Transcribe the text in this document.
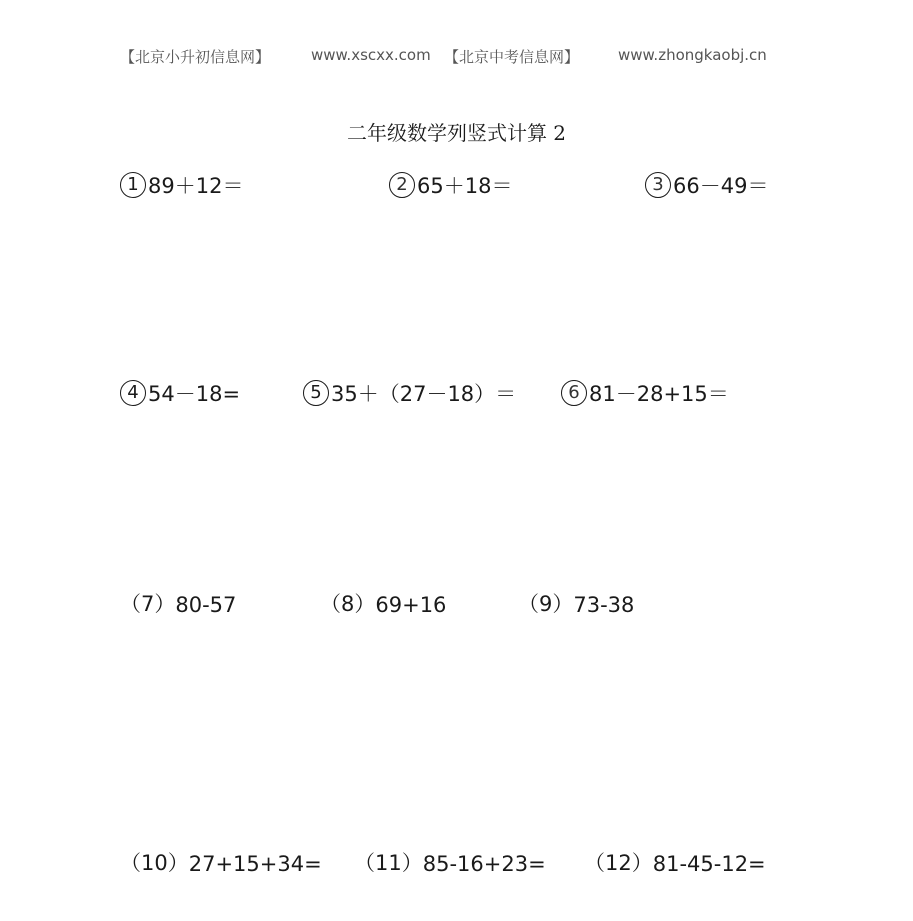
【北京小升初信息网】	www.xscxx.com 【北京中考信息网】	www.zhongkaobj.cn
二年级数学列竖式计算 2
1 89＋12＝	2 65＋18＝	3 66－49＝
4 54－18=	5 35＋（27－18）＝	6 81－28+15＝
（7）80-57	（8）69+16	（9）73-38
（10）27+15+34= （11）85-16+23= （12）81-45-12=
